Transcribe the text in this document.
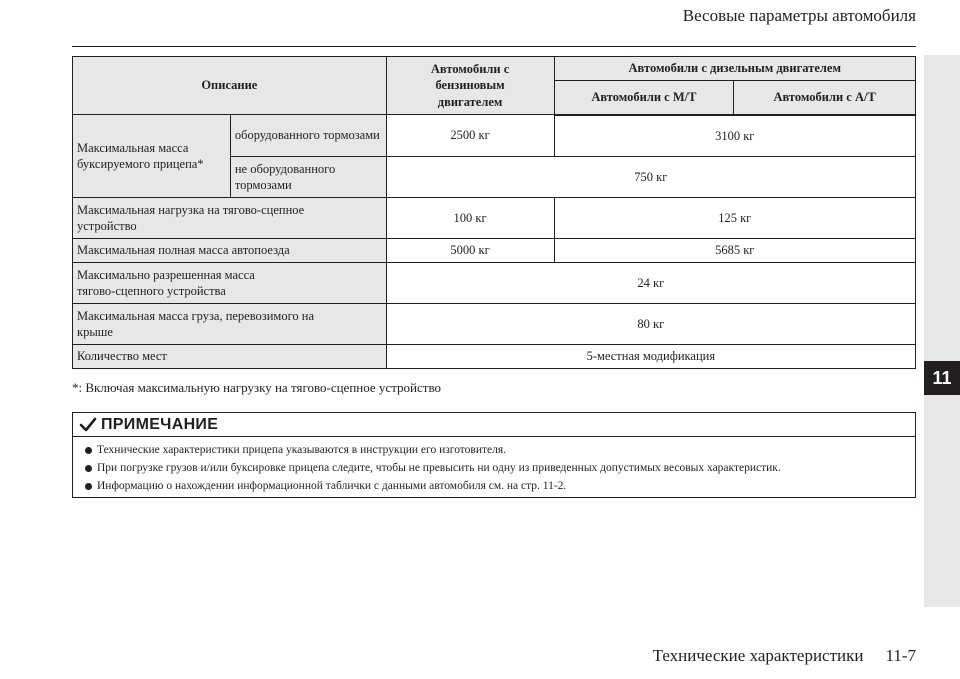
Весовые параметры автомобиля
11
Описание		Автомобили с бензиновым двигателем	Автомобили с дизельным двигателем	
			Автомобили с M/T	Автомобили с A/T
Максимальная масса буксируемого прицепа*	оборудованного тормозами	2500 кг	3100 кг	
	не оборудованного тормозами	750 кг		
Максимальная нагрузка на тягово-сцепное устройство		100 кг	125 кг	
Максимальная полная масса автопоезда		5000 кг	5685 кг	
Максимально разрешенная масса тягово-сцепного устройства		24 кг		
Максимальная масса груза, перевозимого на крыше		80 кг		
Количество мест		5-местная модификация		
*: Включая максимальную нагрузку на тягово-сцепное устройство
ПРИМЕЧАНИЕ
Технические характеристики прицепа указываются в инструкции его изготовителя.
При погрузке грузов и/или буксировке прицепа следите, чтобы не превысить ни одну из приведенных допустимых весовых характеристик.
Информацию о нахождении информационной таблички с данными автомобиля см. на стр. 11-2.
Технические характеристики 11-7
